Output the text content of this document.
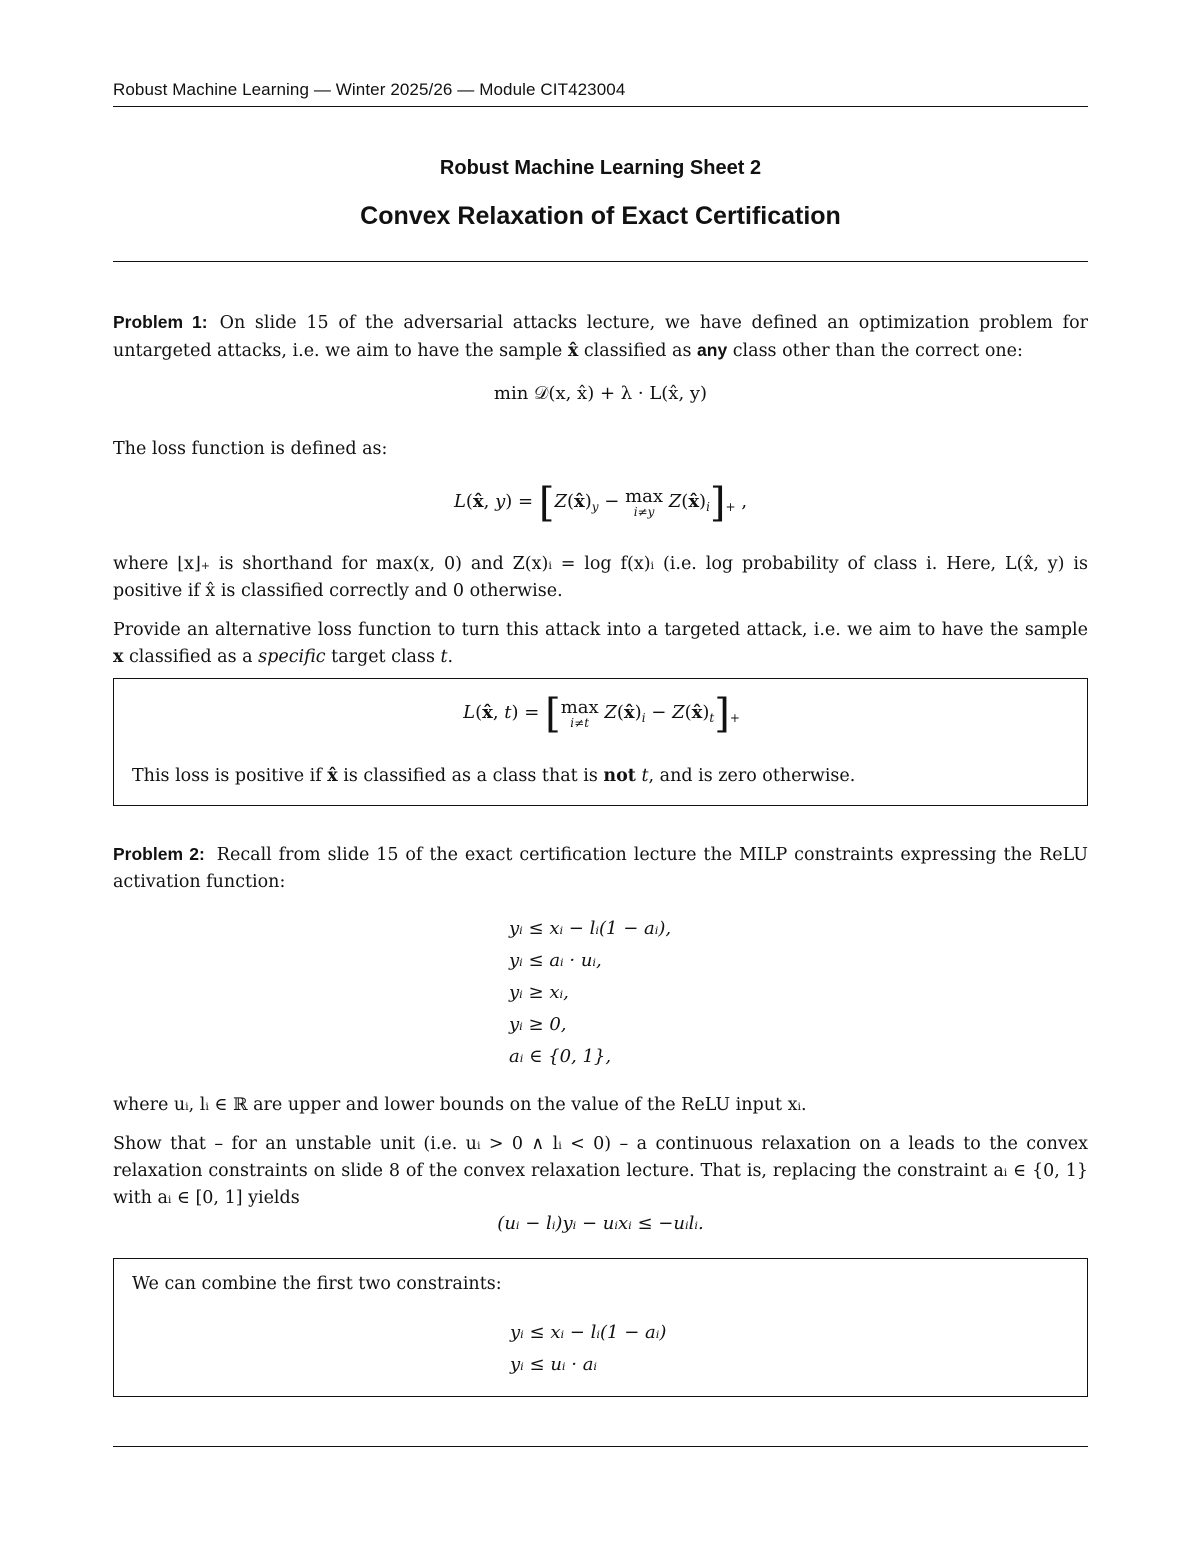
Robust Machine Learning — Winter 2025/26 — Module CIT423004
Robust Machine Learning Sheet 2
Convex Relaxation of Exact Certification
Problem 1: On slide 15 of the adversarial attacks lecture, we have defined an optimization problem for untargeted attacks, i.e. we aim to have the sample x̂ classified as any class other than the correct one:
min 𝒟(x, x̂) + λ · L(x̂, y)
The loss function is defined as:
L(x̂, $y) = [Z(x̂)_y - \max$
i≠y $Z(x̂)_i]_+$ ,
where ⌊x⌋₊ is shorthand for max(x, 0) and Z(x)ᵢ = log f(x)ᵢ (i.e. log probability of class i. Here, L(x̂, y) is positive if x̂ is classified correctly and 0 otherwise.
Provide an alternative loss function to turn this attack into a targeted attack, i.e. we aim to have the sample x classified as a specific target class t.
L(x̂, t) = [max
i≠t $Z(x̂)_i$ − $Z(x̂)_t]_+$
This loss is positive if x̂ is classified as a class that is not t, and is zero otherwise.
Problem 2: Recall from slide 15 of the exact certification lecture the MILP constraints expressing the ReLU activation function:
yᵢ ≤ xᵢ − lᵢ(1 − aᵢ),
yᵢ ≤ aᵢ · uᵢ,
yᵢ ≥ xᵢ,
yᵢ ≥ 0,
aᵢ ∈ {0, 1},
where uᵢ, lᵢ ∈ ℝ are upper and lower bounds on the value of the ReLU input xᵢ.
Show that – for an unstable unit (i.e. uᵢ > 0 ∧ lᵢ < 0) – a continuous relaxation on a leads to the convex relaxation constraints on slide 8 of the convex relaxation lecture. That is, replacing the constraint aᵢ ∈ {0, 1} with aᵢ ∈ [0, 1] yields
(uᵢ − lᵢ)yᵢ − uᵢxᵢ ≤ −uᵢlᵢ.
We can combine the first two constraints:
yᵢ ≤ xᵢ − lᵢ(1 − aᵢ)
yᵢ ≤ uᵢ · aᵢ
